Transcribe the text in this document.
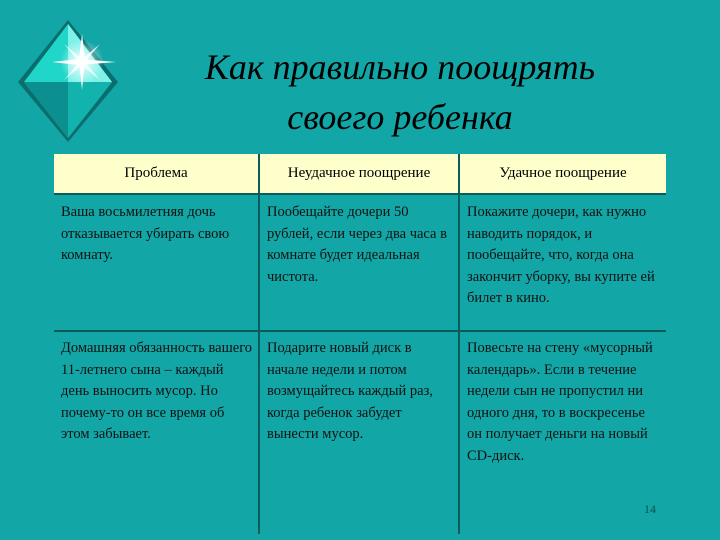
Как правильно поощрять
своего ребенка
Проблема	Неудачное поощрение	Удачное поощрение
Ваша восьмилетняя дочь отказывается убирать свою комнату.
Пообещайте дочери 50 рублей, если через два часа в комнате будет идеальная чистота.
Покажите дочери, как нужно наводить порядок, и пообещайте, что, когда она закончит уборку, вы купите ей билет в кино.
Домашняя обязанность вашего 11-летнего сына – каждый день выносить мусор. Но почему-то он все время об этом забывает.
Подарите новый диск в начале недели и потом возмущайтесь каждый раз, когда ребенок забудет вынести мусор.
Повесьте на стену «мусорный календарь». Если в течение недели сын не пропустил ни одного дня, то в воскресенье он получает деньги на новый CD-диск.
14
